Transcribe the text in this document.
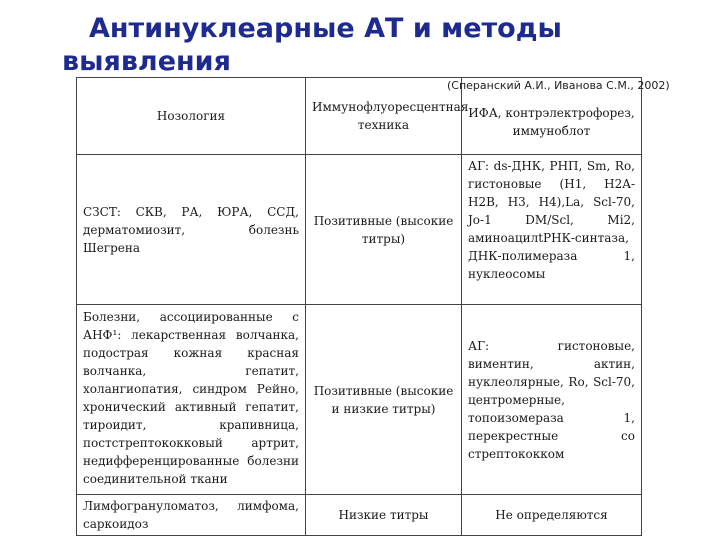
Антинуклеарные АТ и методы
выявления
Нозология	Иммунофлуоресцентная техника	ИФА, контрэлектрофорез, иммуноблот
СЗСТ: СКВ, РА, ЮРА, ССД, дерматомиозит, болезнь Шегрена	Позитивные (высокие титры)	АГ: ds-ДНК, РНП, Sm, Ro, гистоновые (H1, H2A-H2B, H3, H4),La, Scl-70, Jo-1 DM/Scl, Mi2, аминоацилtРНК-синтаза, ДНК-полимераза 1, нуклеосомы
Болезни, ассоциированные с АНФ¹: лекарственная волчанка, подострая кожная красная волчанка, гепатит, холангиопатия, синдром Рейно, хронический активный гепатит, тироидит, крапивница, постстрептококковый артрит, недифференцированные болезни соединительной ткани	Позитивные (высокие и низкие титры)	АГ: гистоновые, виментин, актин, нуклеолярные, Ro, Scl-70, центромерные, топоизомераза 1, перекрестные со стрептококком
Лимфогрануломатоз, лимфома, саркоидоз	Низкие титры	Не определяются
(Сперанский А.И., Иванова С.М., 2002)
